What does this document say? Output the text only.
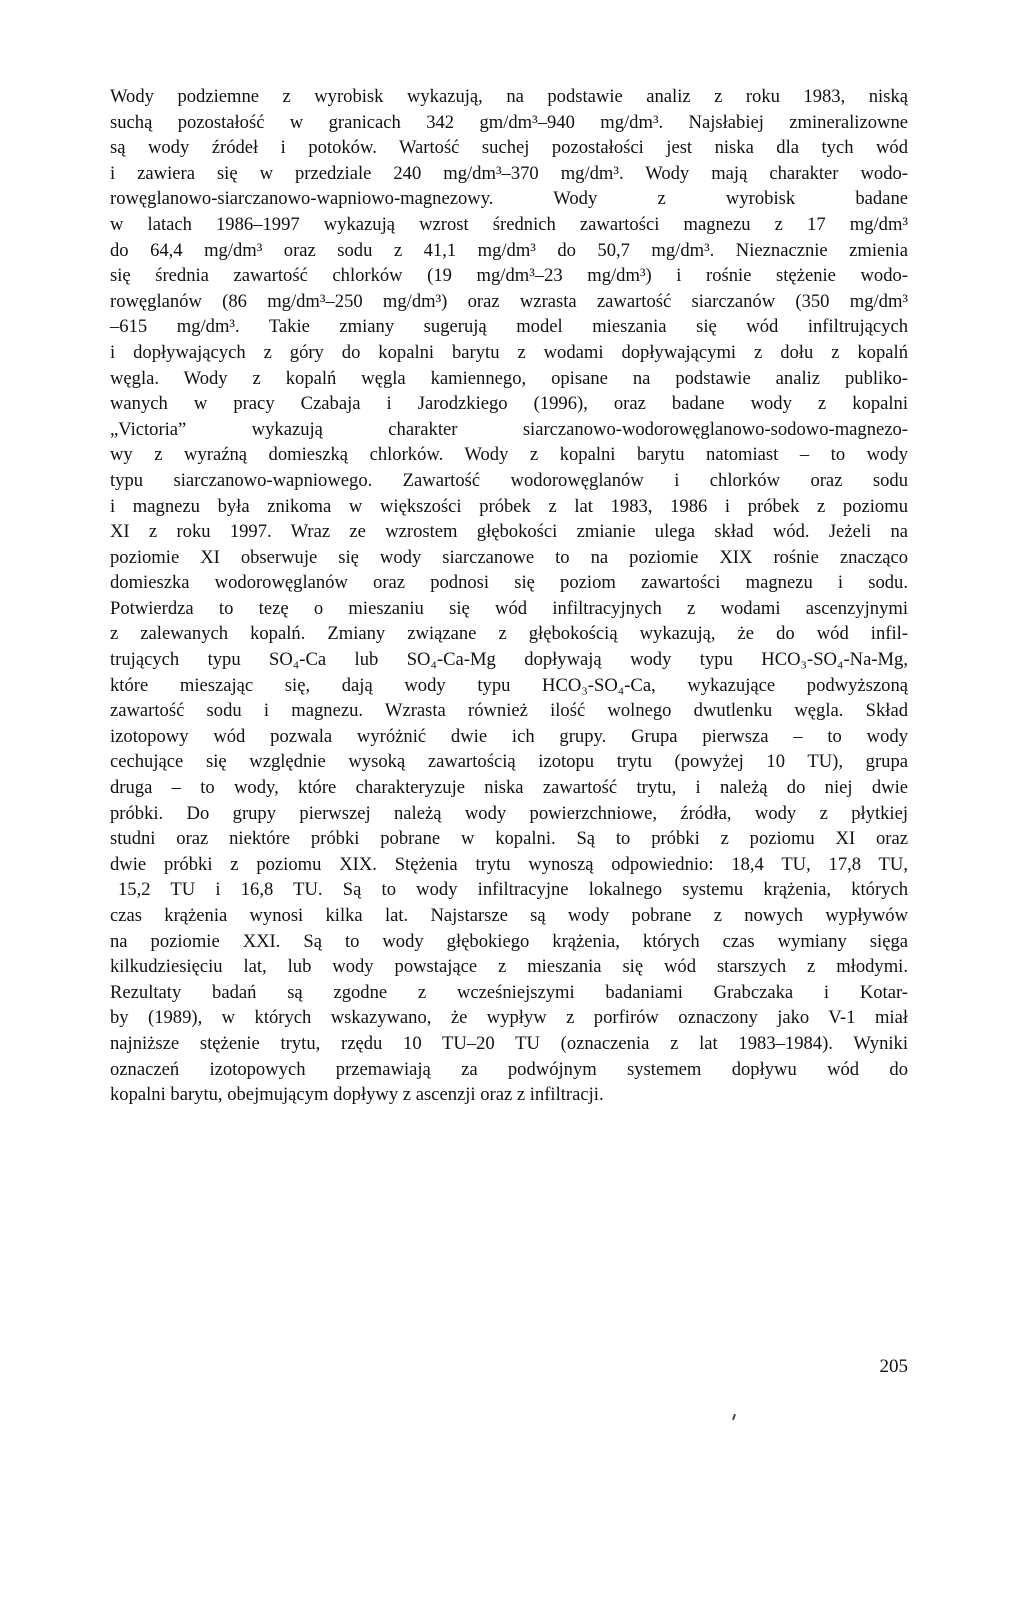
Wody podziemne z wyrobisk wykazują, na podstawie analiz z roku 1983, niską
suchą pozostałość w granicach 342 gm/dm³–940 mg/dm³. Najsłabiej zmineralizowne
są wody źródeł i potoków. Wartość suchej pozostałości jest niska dla tych wód
i zawiera się w przedziale 240 mg/dm³–370 mg/dm³. Wody mają charakter wodo-
rowęglanowo-siarczanowo-wapniowo-magnezowy. Wody z wyrobisk badane
w latach 1986–1997 wykazują wzrost średnich zawartości magnezu z 17 mg/dm³
do 64,4 mg/dm³ oraz sodu z 41,1 mg/dm³ do 50,7 mg/dm³. Nieznacznie zmienia
się średnia zawartość chlorków (19 mg/dm³–23 mg/dm³) i rośnie stężenie wodo-
rowęglanów (86 mg/dm³–250 mg/dm³) oraz wzrasta zawartość siarczanów (350 mg/dm³
–615 mg/dm³. Takie zmiany sugerują model mieszania się wód infiltrujących
i dopływających z góry do kopalni barytu z wodami dopływającymi z dołu z kopalń
węgla. Wody z kopalń węgla kamiennego, opisane na podstawie analiz publiko-
wanych w pracy Czabaja i Jarodzkiego (1996), oraz badane wody z kopalni
„Victoria” wykazują charakter siarczanowo-wodorowęglanowo-sodowo-magnezo-
wy z wyraźną domieszką chlorków. Wody z kopalni barytu natomiast – to wody
typu siarczanowo-wapniowego. Zawartość wodorowęglanów i chlorków oraz sodu
i magnezu była znikoma w większości próbek z lat 1983, 1986 i próbek z poziomu
XI z roku 1997. Wraz ze wzrostem głębokości zmianie ulega skład wód. Jeżeli na
poziomie XI obserwuje się wody siarczanowe to na poziomie XIX rośnie znacząco
domieszka wodorowęglanów oraz podnosi się poziom zawartości magnezu i sodu.
Potwierdza to tezę o mieszaniu się wód infiltracyjnych z wodami ascenzyjnymi
z zalewanych kopalń. Zmiany związane z głębokością wykazują, że do wód infil-
trujących typu SO₄-Ca lub SO₄-Ca-Mg dopływają wody typu HCO₃-SO₄-Na-Mg,
które mieszając się, dają wody typu HCO₃-SO₄-Ca, wykazujące podwyższoną
zawartość sodu i magnezu. Wzrasta również ilość wolnego dwutlenku węgla. Skład
izotopowy wód pozwala wyróżnić dwie ich grupy. Grupa pierwsza – to wody
cechujące się względnie wysoką zawartością izotopu trytu (powyżej 10 TU), grupa
druga – to wody, które charakteryzuje niska zawartość trytu, i należą do niej dwie
próbki. Do grupy pierwszej należą wody powierzchniowe, źródła, wody z płytkiej
studni oraz niektóre próbki pobrane w kopalni. Są to próbki z poziomu XI oraz
dwie próbki z poziomu XIX. Stężenia trytu wynoszą odpowiednio: 18,4 TU, 17,8 TU,
15,2 TU i 16,8 TU. Są to wody infiltracyjne lokalnego systemu krążenia, których
czas krążenia wynosi kilka lat. Najstarsze są wody pobrane z nowych wypływów
na poziomie XXI. Są to wody głębokiego krążenia, których czas wymiany sięga
kilkudziesięciu lat, lub wody powstające z mieszania się wód starszych z młodymi.
Rezultaty badań są zgodne z wcześniejszymi badaniami Grabczaka i Kotar-
by (1989), w których wskazywano, że wypływ z porfirów oznaczony jako V-1 miał
najniższe stężenie trytu, rzędu 10 TU–20 TU (oznaczenia z lat 1983–1984). Wyniki
oznaczeń izotopowych przemawiają za podwójnym systemem dopływu wód do
kopalni barytu, obejmującym dopływy z ascenzji oraz z infiltracji.
205
